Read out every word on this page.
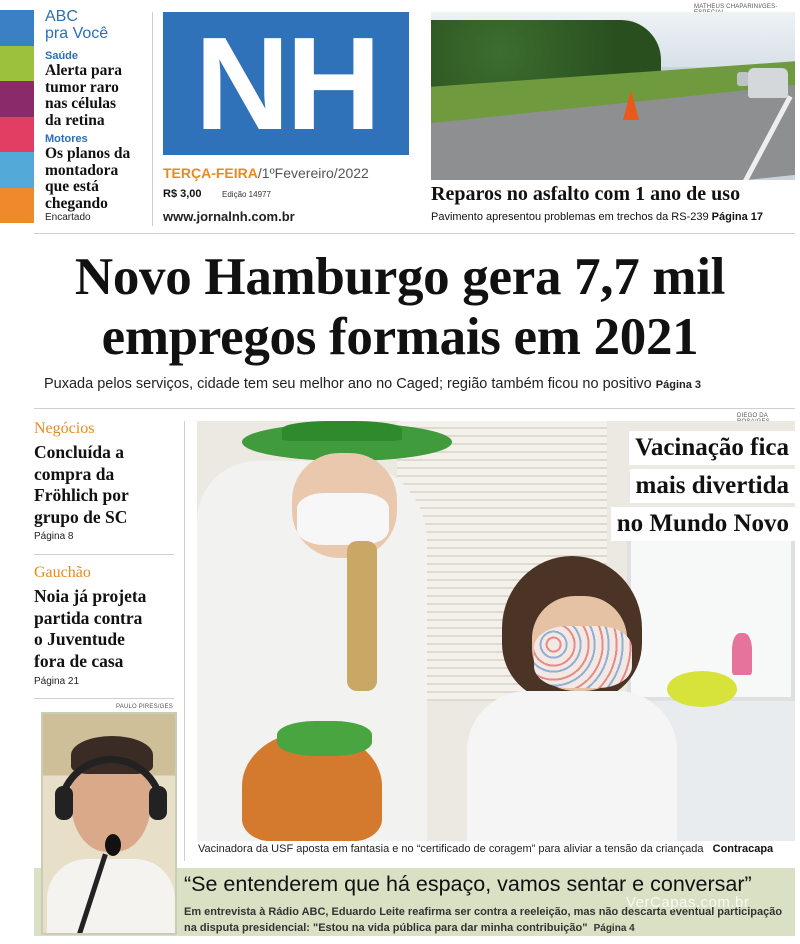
ABC
pra Você
Saúde
Alerta para
tumor raro
nas células
da retina
Motores
Os planos da
montadora
que está
chegando
Encartado
NH
TERÇA-FEIRA/1ºFevereiro/2022
R$ 3,00	Edição 14977
www.jornalnh.com.br
MATHEUS CHAPARINI/GES-
Reparos no asfalto com 1 ano de uso
Pavimento apresentou problemas em trechos da RS-239 Página 17
Novo Hamburgo gera 7,7 mil
empregos formais em 2021
Puxada pelos serviços, cidade tem seu melhor ano no Caged; região também ficou no positivo Página 3
Negócios
Concluída a
compra da
Fröhlich por
grupo de SC
Página 8
Gauchão
Noia já projeta
partida contra
o Juventude
fora de casa
Página 21
DIEGO DA
Vacinação fica
mais divertida
no Mundo Novo
Vacinadora da USF aposta em fantasia e no “certificado de coragem” para aliviar a tensão da criançada Contracapa
PAULO PIRES/GES
“Se entenderem que há espaço, vamos sentar e conversar”
Em entrevista à Rádio ABC, Eduardo Leite reafirma ser contra a reeleição, mas não descarta eventual participação na disputa presidencial: "Estou na vida pública para dar minha contribuição" Página 4
VerCapas.com.br
